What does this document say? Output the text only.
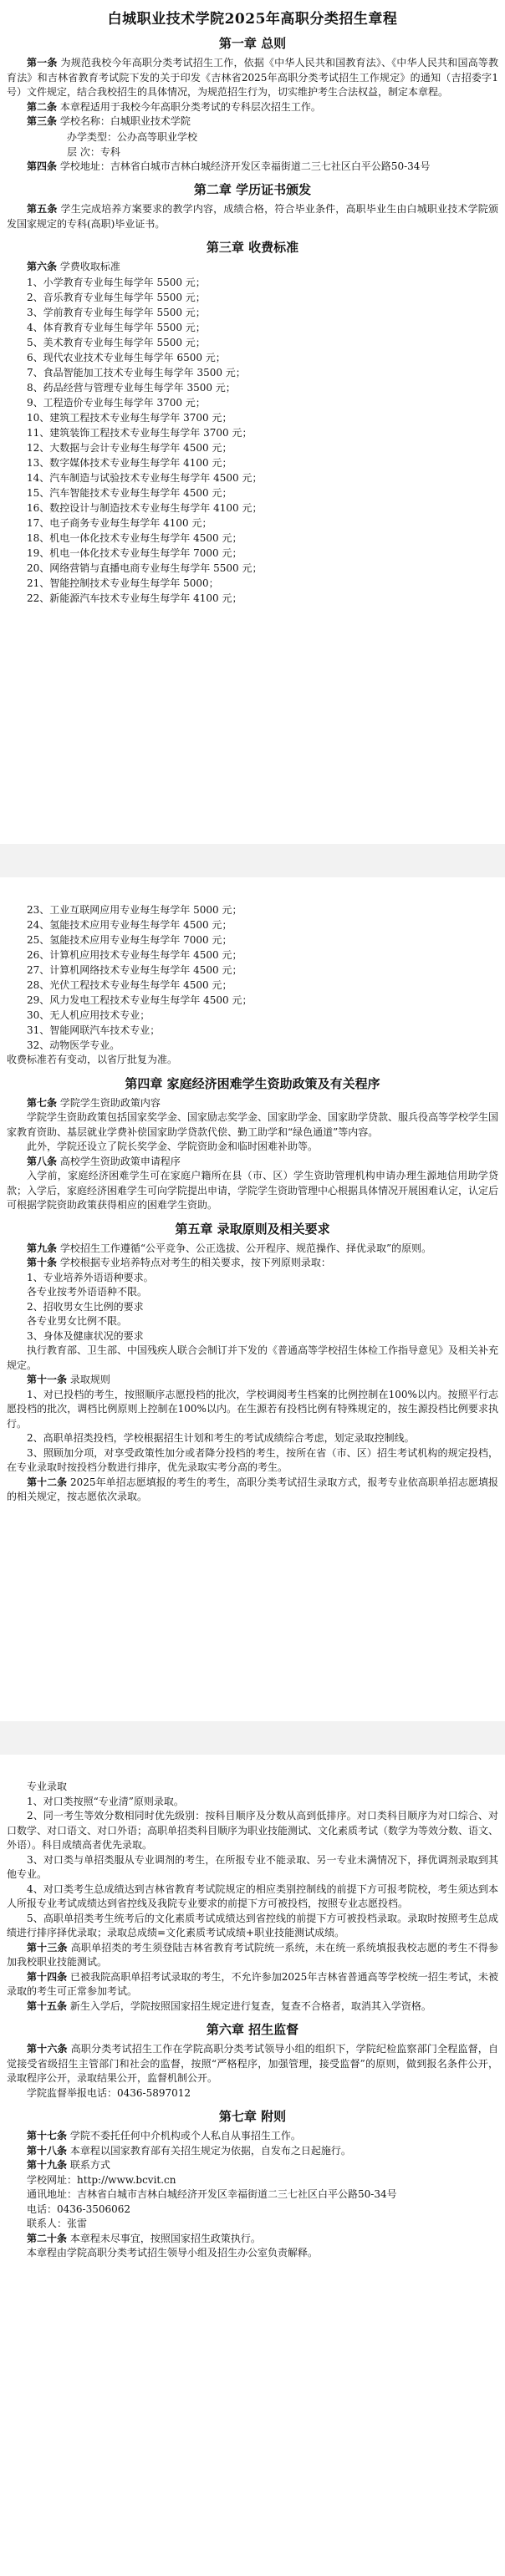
白城职业技术学院2025年高职分类招生章程
第一章 总则

第一条 为规范我校今年高职分类考试招生工作，依据《中华人民共和国教育法》、《中华人民共和国高等教育法》和吉林省教育考试院下发的关于印发《吉林省2025年高职分类考试招生工作规定》的通知（吉招委字1号）文件规定，结合我校招生的具体情况，为规范招生行为，切实维护考生合法权益，制定本章程。

第二条 本章程适用于我校今年高职分类考试的专科层次招生工作。

第三条 学校名称：白城职业技术学院

办学类型：公办高等职业学校
层 次：专科

第四条 学校地址：吉林省白城市吉林白城经济开发区幸福街道二三七社区白平公路50-34号

第二章 学历证书颁发

第五条 学生完成培养方案要求的教学内容，成绩合格，符合毕业条件，高职毕业生由白城职业技术学院颁发国家规定的专科(高职)毕业证书。

第三章 收费标准

第六条 学费收取标准

1、小学教育专业每生每学年 5500 元；
2、音乐教育专业每生每学年 5500 元；
3、学前教育专业每生每学年 5500 元；
4、体育教育专业每生每学年 5500 元；
5、美术教育专业每生每学年 5500 元；
6、现代农业技术专业每生每学年 6500 元；
7、食品智能加工技术专业每生每学年 3500 元；
8、药品经营与管理专业每生每学年 3500 元；
9、工程造价专业每生每学年 3700 元；
10、建筑工程技术专业每生每学年 3700 元；
11、建筑装饰工程技术专业每生每学年 3700 元；
12、大数据与会计专业每生每学年 4500 元；
13、数字媒体技术专业每生每学年 4100 元；
14、汽车制造与试验技术专业每生每学年 4500 元；
15、汽车智能技术专业每生每学年 4500 元；
16、数控设计与制造技术专业每生每学年 4100 元；
17、电子商务专业每生每学年 4100 元；
18、机电一体化技术专业每生每学年 4500 元；
19、机电一体化技术专业每生每学年 7000 元；
20、网络营销与直播电商专业每生每学年 5500 元；
21、智能控制技术专业每生每学年 5000；
22、新能源汽车技术专业每生每学年 4100 元；
23、工业互联网应用专业每生每学年 5000 元；
24、氢能技术应用专业每生每学年 4500 元；
25、氢能技术应用专业每生每学年 7000 元；
26、计算机应用技术专业每生每学年 4500 元；
27、计算机网络技术专业每生每学年 4500 元；
28、光伏工程技术专业每生每学年 4500 元；
29、风力发电工程技术专业每生每学年 4500 元；
30、无人机应用技术专业；
31、智能网联汽车技术专业；
32、动物医学专业。

收费标准若有变动，以省厅批复为准。

第四章 家庭经济困难学生资助政策及有关程序

第七条 学院学生资助政策内容

学院学生资助政策包括国家奖学金、国家励志奖学金、国家助学金、国家助学贷款、服兵役高等学校学生国家教育资助、基层就业学费补偿国家助学贷款代偿、勤工助学和“绿色通道”等内容。

此外，学院还设立了院长奖学金、学院资助金和临时困难补助等。

第八条 高校学生资助政策申请程序

入学前，家庭经济困难学生可在家庭户籍所在县（市、区）学生资助管理机构申请办理生源地信用助学贷款；入学后，家庭经济困难学生可向学院提出申请，学院学生资助管理中心根据具体情况开展困难认定，认定后可根据学院资助政策获得相应的困难学生资助。

第五章 录取原则及相关要求

第九条 学校招生工作遵循“公平竞争、公正选拔、公开程序、规范操作、择优录取”的原则。

第十条 学校根据专业培养特点对考生的相关要求，按下列原则录取：

1、专业培养外语语种要求。

各专业按考外语语种不限。

2、招收男女生比例的要求

各专业男女比例不限。

3、身体及健康状况的要求

执行教育部、卫生部、中国残疾人联合会制订并下发的《普通高等学校招生体检工作指导意见》及相关补充规定。

第十一条 录取规则

1、对已投档的考生，按照顺序志愿投档的批次，学校调阅考生档案的比例控制在100%以内。按照平行志愿投档的批次，调档比例原则上控制在100%以内。在生源若有投档比例有特殊规定的，按生源投档比例要求执行。

2、高职单招类投档，学校根据招生计划和考生的考试成绩综合考虑，划定录取控制线。

3、照顾加分项，对享受政策性加分或者降分投档的考生，按所在省（市、区）招生考试机构的规定投档，在专业录取时按投档分数进行排序，优先录取实考分高的考生。

第十二条 2025年单招志愿填报的考生的考生，高职分类考试招生录取方式，报考专业依高职单招志愿填报的相关规定，按志愿依次录取。

专业录取

1、对口类按照“专业清”原则录取。

2、同一考生等效分数相同时优先级别：按科目顺序及分数从高到低排序。对口类科目顺序为对口综合、对口数学、对口语文、对口外语；高职单招类科目顺序为职业技能测试、文化素质考试（数学为等效分数、语文、外语）。科目成绩高者优先录取。

3、对口类与单招类服从专业调剂的考生，在所报专业不能录取、另一专业未满情况下，择优调剂录取到其他专业。

4、对口类考生总成绩达到吉林省教育考试院规定的相应类别控制线的前提下方可报考院校，考生须达到本人所报专业考试成绩达到省控线及我院专业要求的前提下方可被投档，按照专业志愿投档。

5、高职单招类考生统考后的文化素质考试成绩达到省控线的前提下方可被投档录取。录取时按照考生总成绩进行排序择优录取；录取总成绩=文化素质考试成绩+职业技能测试成绩。

第十三条 高职单招类的考生须登陆吉林省教育考试院统一系统，未在统一系统填报我校志愿的考生不得参加我校职业技能测试。

第十四条 已被我院高职单招考试录取的考生，不允许参加2025年吉林省普通高等学校统一招生考试，未被录取的考生可正常参加考试。

第十五条 新生入学后，学院按照国家招生规定进行复查，复查不合格者，取消其入学资格。

第六章 招生监督

第十六条 高职分类考试招生工作在学院高职分类考试领导小组的组织下，学院纪检监察部门全程监督，自觉接受省级招生主管部门和社会的监督，按照“严格程序，加强管理，接受监督”的原则，做到报名条件公开，录取程序公开，录取结果公开，监督机制公开。

学院监督举报电话：0436-5897012

第七章 附则

第十七条 学院不委托任何中介机构或个人私自从事招生工作。

第十八条 本章程以国家教育部有关招生规定为依据，自发布之日起施行。

第十九条 联系方式

学校网址：http://www.bcvit.cn

通讯地址：吉林省白城市吉林白城经济开发区幸福街道二三七社区白平公路50-34号

电话：0436-3506062

联系人：张雷

第二十条 本章程未尽事宜，按照国家招生政策执行。

本章程由学院高职分类考试招生领导小组及招生办公室负责解释。
